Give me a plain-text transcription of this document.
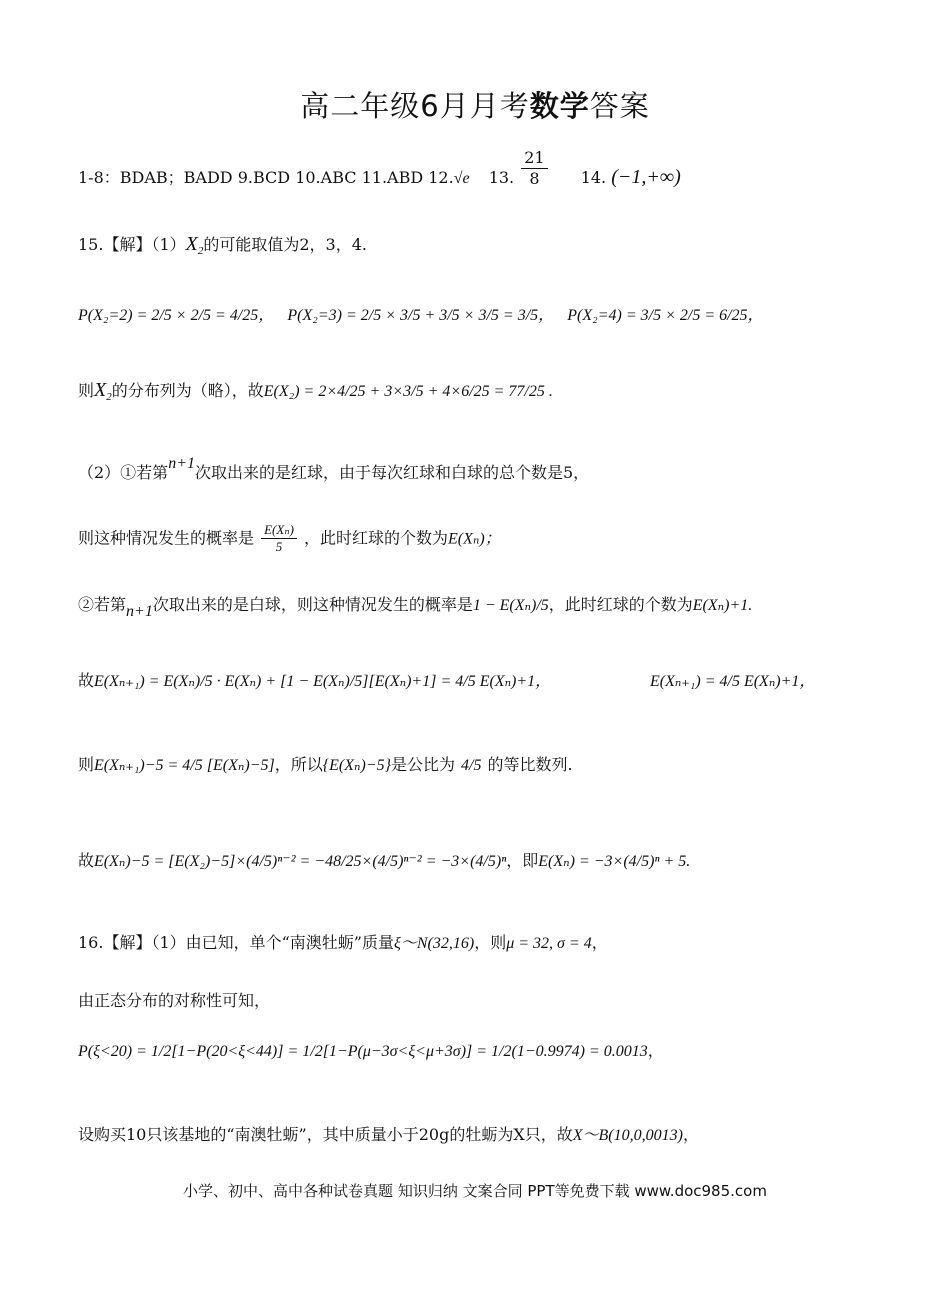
高二年级6月月考数学答案
1-8：BDAB；BADD 9.BCD 10.ABC 11.ABD 12.√e 13. $\frac{21}{8} 14$. (−1,+∞)
15.【解】$(1)X_2$的可能取值为2，3，4.
P(X₂=2) = 2/5 × 2/5 = 4/25， P(X₂=3) = 2/5 × 3/5 + 3/5 × 3/5 = 3/5， P(X₂=4) = 3/5 × 2/5 = 6/25，
则$X_2$的分布列为（略），故E(X₂) = 2×4/25 + 3×3/5 + 4×6/25 = 77/25 .
（2）①若第n+1次取出来的是红球，由于每次红球和白球的总个数是5，
则这种情况发生的概率是 $\frac{\text{E(Xₙ)}}{5}$ ，此时红球的个数为E(Xₙ)；
②若第n+1次取出来的是白球，则这种情况发生的概率是1 − E(Xₙ)/5，此时红球的个数为E(Xₙ)+1.
故E(Xₙ₊₁) = E(Xₙ)/5 · E(Xₙ) + [1 − E(Xₙ)/5][E(Xₙ)+1] = 4/5 E(Xₙ)+1，	E(Xₙ₊₁) = 4/5 E(Xₙ)+1，
则E(Xₙ₊₁)−5 = 4/5 [E(Xₙ)−5]，所以{E(Xₙ)−5}是公比为 4/5 的等比数列.
故E(Xₙ)−5 = [E(X₂)−5]×(4/5)ⁿ⁻² = −48/25×(4/5)ⁿ⁻² = −3×(4/5)ⁿ，即E(Xₙ) = −3×(4/5)ⁿ + 5.
16.【解】（1）由已知，单个“南澳牡蛎”质量ξ～N(32,16)，则μ = 32, σ = 4，
由正态分布的对称性可知，
P(ξ<20) = 1/2[1−P(20<ξ<44)] = 1/2[1−P(μ−3σ<ξ<μ+3σ)] = 1/2(1−0.9974) = 0.0013，
设购买10只该基地的“南澳牡蛎”，其中质量小于20g的牡蛎为X只，故X～B(10,0,0013)，
小学、初中、高中各种试卷真题 知识归纳 文案合同 PPT等免费下载 www.doc985.com
